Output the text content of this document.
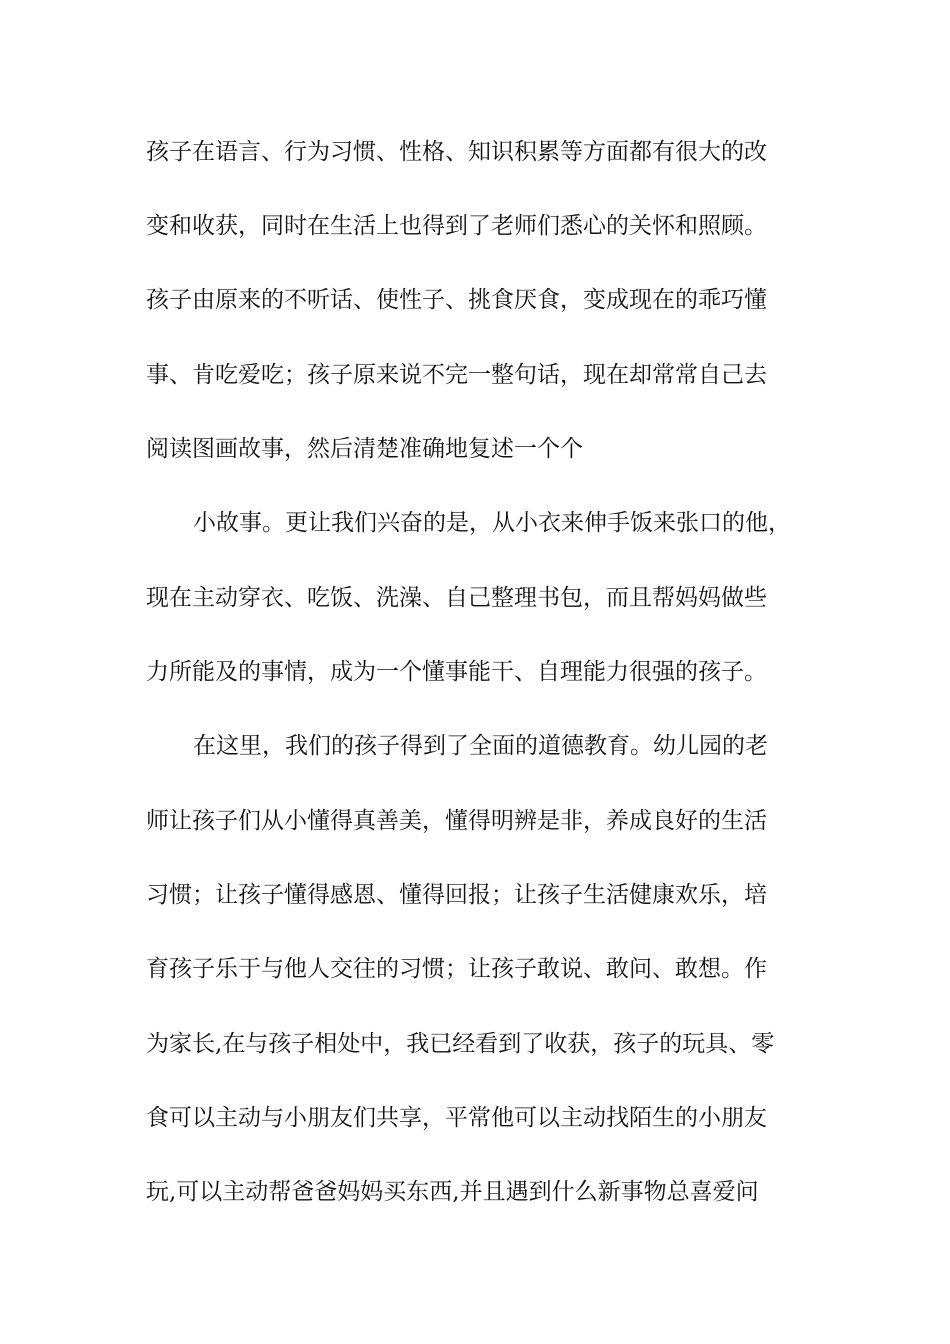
孩子在语言、行为习惯、性格、知识积累等方面都有很大的改
变和收获，同时在生活上也得到了老师们悉心的关怀和照顾。
孩子由原来的不听话、使性子、挑食厌食，变成现在的乖巧懂
事、肯吃爱吃；孩子原来说不完一整句话，现在却常常自己去
阅读图画故事，然后清楚准确地复述一个个
小故事。更让我们兴奋的是，从小衣来伸手饭来张口的他，
现在主动穿衣、吃饭、洗澡、自己整理书包，而且帮妈妈做些
力所能及的事情，成为一个懂事能干、自理能力很强的孩子。
在这里，我们的孩子得到了全面的道德教育。幼儿园的老
师让孩子们从小懂得真善美，懂得明辨是非，养成良好的生活
习惯；让孩子懂得感恩、懂得回报；让孩子生活健康欢乐，培
育孩子乐于与他人交往的习惯；让孩子敢说、敢问、敢想。作
为家长,在与孩子相处中，我已经看到了收获，孩子的玩具、零
食可以主动与小朋友们共享，平常他可以主动找陌生的小朋友
玩,可以主动帮爸爸妈妈买东西,并且遇到什么新事物总喜爱问
